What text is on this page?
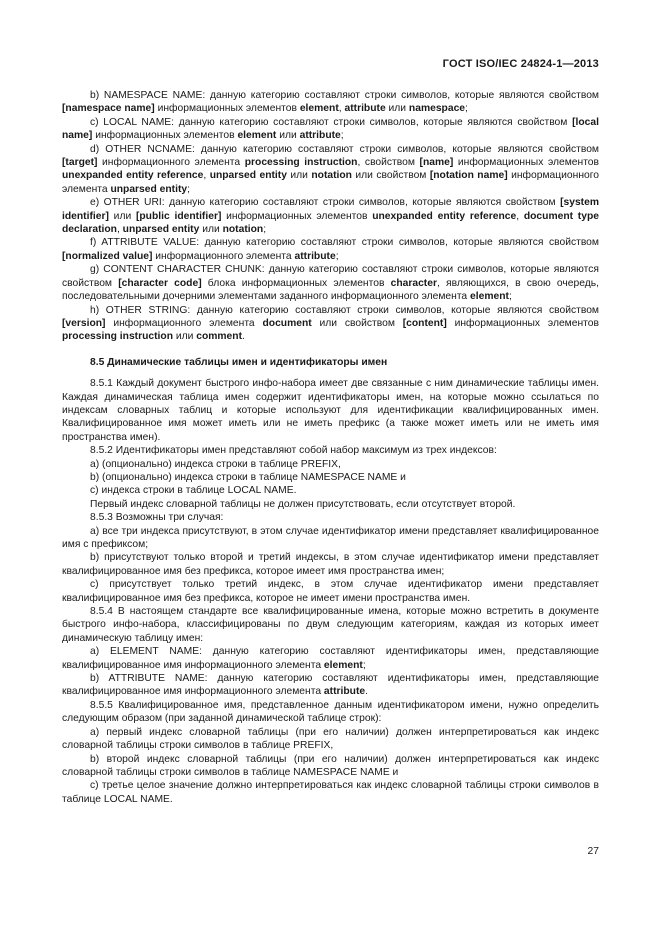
ГОСТ ISO/IEC 24824-1—2013

b) NAMESPACE NAME: данную категорию составляют строки символов, которые являются свойством [namespace name] информационных элементов element, attribute или namespace;

c) LOCAL NAME: данную категорию составляют строки символов, которые являются свойством [local name] информационных элементов element или attribute;

d) OTHER NCNAME: данную категорию составляют строки символов, которые являются свойством [target] информационного элемента processing instruction, свойством [name] информационных элементов unexpanded entity reference, unparsed entity или notation или свойством [notation name] информационного элемента unparsed entity;

e) OTHER URI: данную категорию составляют строки символов, которые являются свойством [system identifier] или [public identifier] информационных элементов unexpanded entity reference, document type declaration, unparsed entity или notation;

f) ATTRIBUTE VALUE: данную категорию составляют строки символов, которые являются свойством [normalized value] информационного элемента attribute;

g) CONTENT CHARACTER CHUNK: данную категорию составляют строки символов, которые являются свойством [character code] блока информационных элементов character, являющихся, в свою очередь, последовательными дочерними элементами заданного информационного элемента element;

h) OTHER STRING: данную категорию составляют строки символов, которые являются свойством [version] информационного элемента document или свойством [content] информационных элементов processing instruction или comment.

8.5 Динамические таблицы имен и идентификаторы имен

8.5.1 Каждый документ быстрого инфо-набора имеет две связанные с ним динамические таблицы имен. Каждая динамическая таблица имен содержит идентификаторы имен, на которые можно ссылаться по индексам словарных таблиц и которые используют для идентификации квалифицированных имен. Квалифицированное имя может иметь или не иметь префикс (а также может иметь или не иметь имя пространства имен).

8.5.2 Идентификаторы имен представляют собой набор максимум из трех индексов:

a) (опционально) индекса строки в таблице PREFIX,

b) (опционально) индекса строки в таблице NAMESPACE NAME и

c) индекса строки в таблице LOCAL NAME.

Первый индекс словарной таблицы не должен присутствовать, если отсутствует второй.

8.5.3 Возможны три случая:

a) все три индекса присутствуют, в этом случае идентификатор имени представляет квалифицированное имя с префиксом;

b) присутствуют только второй и третий индексы, в этом случае идентификатор имени представляет квалифицированное имя без префикса, которое имеет имя пространства имен;

c) присутствует только третий индекс, в этом случае идентификатор имени представляет квалифицированное имя без префикса, которое не имеет имени пространства имен.

8.5.4 В настоящем стандарте все квалифицированные имена, которые можно встретить в документе быстрого инфо-набора, классифицированы по двум следующим категориям, каждая из которых имеет динамическую таблицу имен:

a) ELEMENT NAME: данную категорию составляют идентификаторы имен, представляющие квалифицированное имя информационного элемента element;

b) ATTRIBUTE NAME: данную категорию составляют идентификаторы имен, представляющие квалифицированное имя информационного элемента attribute.

8.5.5 Квалифицированное имя, представленное данным идентификатором имени, нужно определить следующим образом (при заданной динамической таблице строк):

a) первый индекс словарной таблицы (при его наличии) должен интерпретироваться как индекс словарной таблицы строки символов в таблице PREFIX,

b) второй индекс словарной таблицы (при его наличии) должен интерпретироваться как индекс словарной таблицы строки символов в таблице NAMESPACE NAME и

c) третье целое значение должно интерпретироваться как индекс словарной таблицы строки символов в таблице LOCAL NAME.

27
